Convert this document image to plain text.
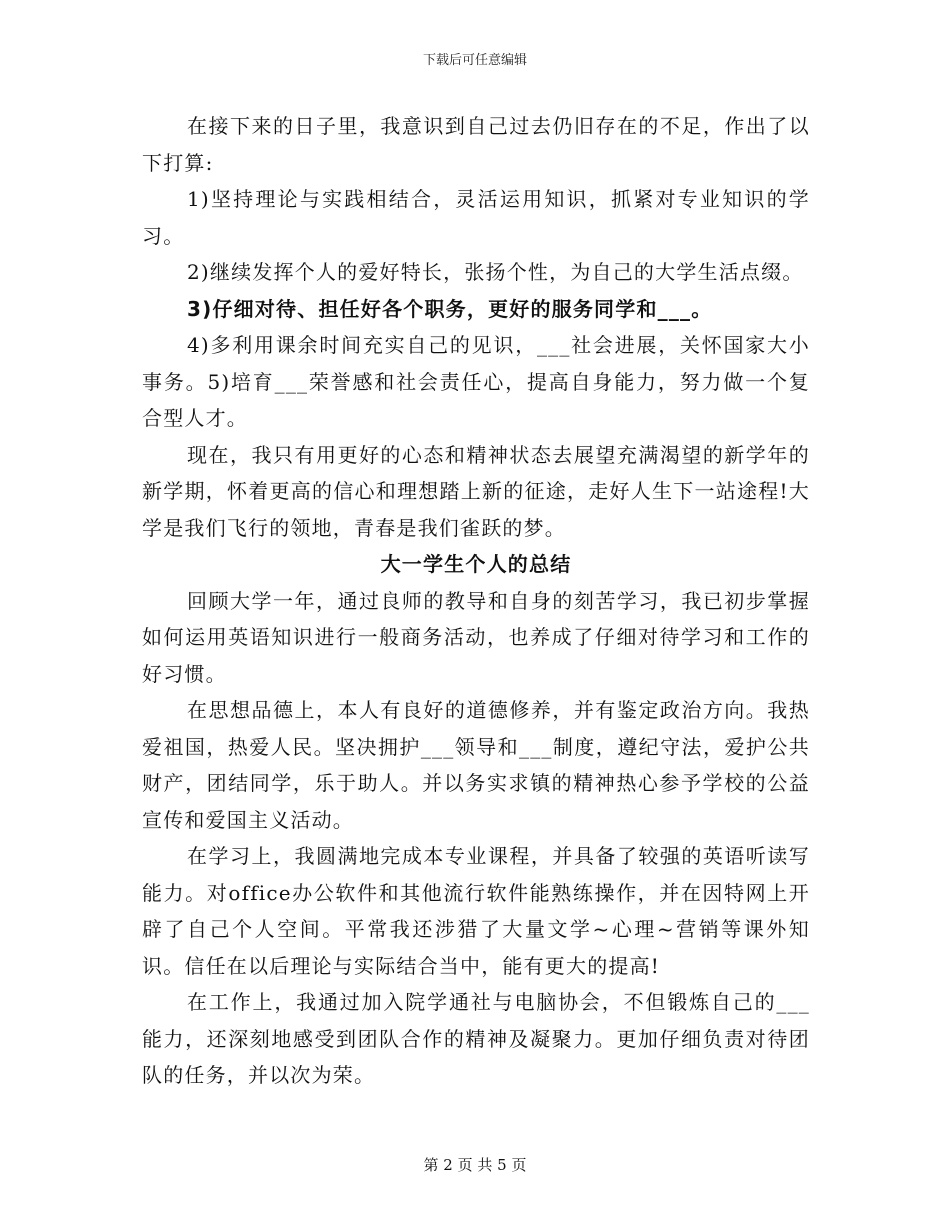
下载后可任意编辑

在接下来的日子里，我意识到自己过去仍旧存在的不足，作出了以下打算:

1)坚持理论与实践相结合，灵活运用知识，抓紧对专业知识的学习。

2)继续发挥个人的爱好特长，张扬个性，为自己的大学生活点缀。

3)仔细对待、担任好各个职务，更好的服务同学和___。

4)多利用课余时间充实自己的见识，___社会进展，关怀国家大小事务。5)培育___荣誉感和社会责任心，提高自身能力，努力做一个复合型人才。

现在，我只有用更好的心态和精神状态去展望充满渴望的新学年的新学期，怀着更高的信心和理想踏上新的征途，走好人生下一站途程!大学是我们飞行的领地，青春是我们雀跃的梦。

大一学生个人的总结

回顾大学一年，通过良师的教导和自身的刻苦学习，我已初步掌握如何运用英语知识进行一般商务活动，也养成了仔细对待学习和工作的好习惯。

在思想品德上，本人有良好的道德修养，并有鉴定政治方向。我热爱祖国，热爱人民。坚决拥护___领导和___制度，遵纪守法，爱护公共财产，团结同学，乐于助人。并以务实求镇的精神热心参予学校的公益宣传和爱国主义活动。

在学习上，我圆满地完成本专业课程，并具备了较强的英语听读写能力。对office办公软件和其他流行软件能熟练操作，并在因特网上开辟了自己个人空间。平常我还涉猎了大量文学~心理~营销等课外知识。信任在以后理论与实际结合当中，能有更大的提高!

在工作上，我通过加入院学通社与电脑协会，不但锻炼自己的___能力，还深刻地感受到团队合作的精神及凝聚力。更加仔细负责对待团队的任务，并以次为荣。

第 2 页 共 5 页
